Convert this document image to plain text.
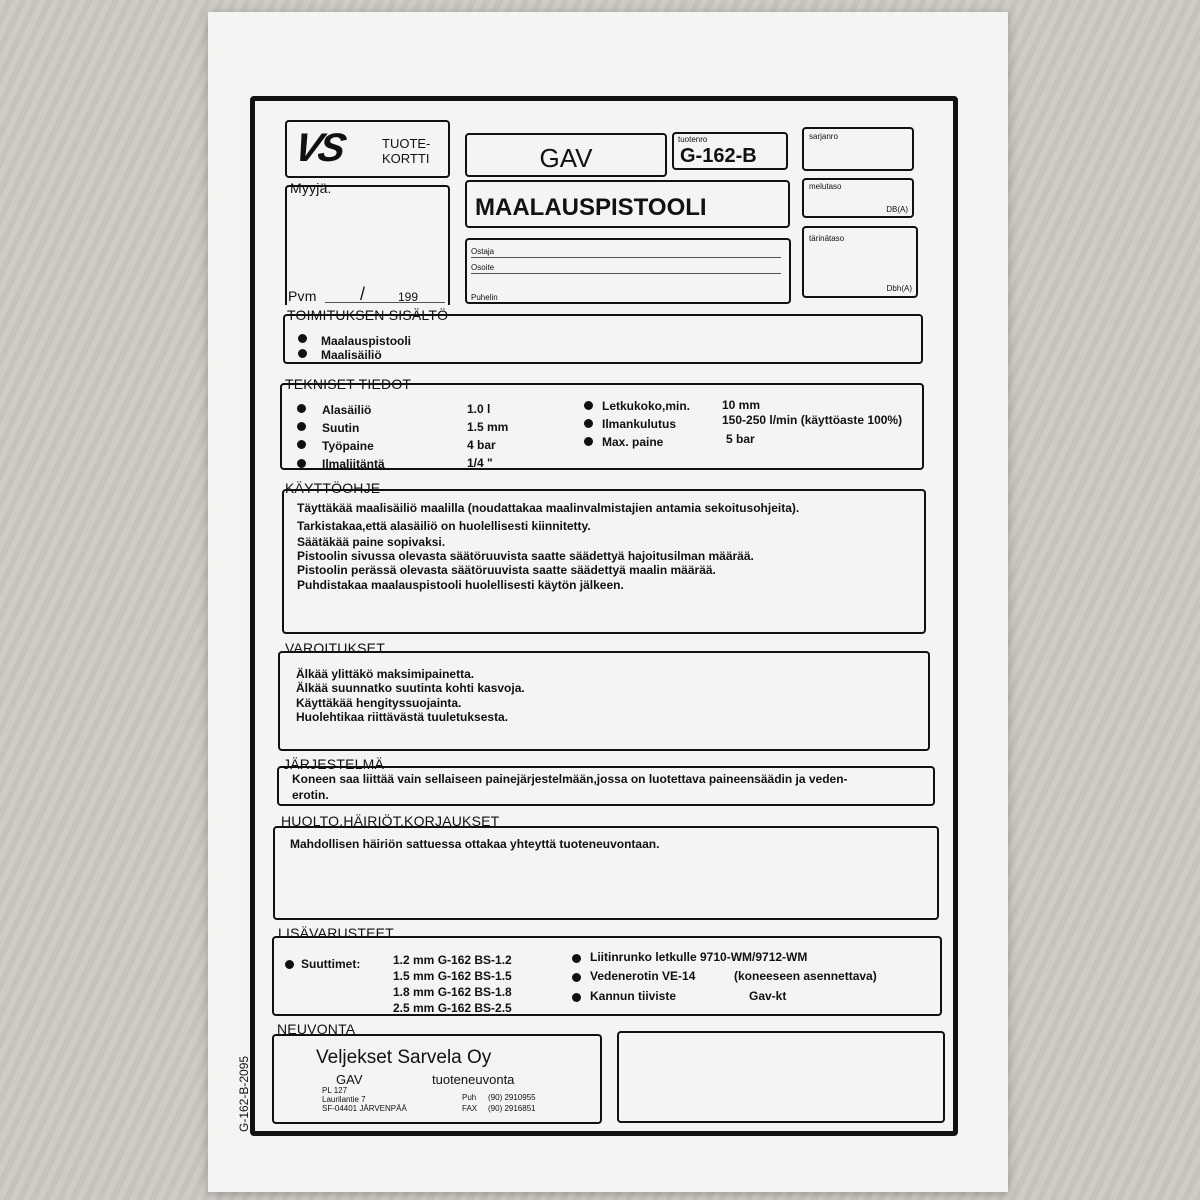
VS	TUOTE-
KORTTI	GAV
tuotenro
G-162-B
sarjanro
Myyjä:
Pvm /	199
MAALAUSPISTOOLI
Ostaja
Osoite
Puhelin
melutaso
DB(A)
tärinätaso
Dbh(A)
TOIMITUKSEN SISÄLTÖ
Maalauspistooli
Maalisäiliö
TEKNISET TIEDOT
Alasäiliö	1.0 l
Suutin	1.5 mm
Työpaine	4 bar
Ilmaliitäntä	1/4 "
Letkukoko,min.	10 mm
Ilmankulutus	150-250 l/min (käyttöaste 100%)
Max. paine	5 bar
KÄYTTÖOHJE
Täyttäkää maalisäiliö maalilla (noudattakaa maalinvalmistajien antamia sekoitusohjeita).
Tarkistakaa,että alasäiliö on huolellisesti kiinnitetty.
Säätäkää paine sopivaksi.
Pistoolin sivussa olevasta säätöruuvista saatte säädettyä hajoitusilman määrää.
Pistoolin perässä olevasta säätöruuvista saatte säädettyä maalin määrää.
Puhdistakaa maalauspistooli huolellisesti käytön jälkeen.
VAROITUKSET
Älkää ylittäkö maksimipainetta.
Älkää suunnatko suutinta kohti kasvoja.
Käyttäkää hengityssuojainta.
Huolehtikaa riittävästä tuuletuksesta.
JÄRJESTELMÄ
Koneen saa liittää vain sellaiseen painejärjestelmään,jossa on luotettava paineensäädin ja veden-
erotin.
HUOLTO,HÄIRIÖT,KORJAUKSET
Mahdollisen häiriön sattuessa ottakaa yhteyttä tuoteneuvontaan.
LISÄVARUSTEET
Suuttimet:	1.2 mm G-162 BS-1.2
1.5 mm G-162 BS-1.5
1.8 mm G-162 BS-1.8
2.5 mm G-162 BS-2.5
Liitinrunko letkulle 9710-WM/9712-WM
Vedenerotin VE-14	(koneeseen asennettava)
Kannun tiiviste	Gav-kt
NEUVONTA
Veljekset Sarvela Oy
GAV	tuoteneuvonta
PL 127
Laurilantie 7
SF-04401 JÄRVENPÄÄ
Puh (90) 2910955
FAX (90) 2916851
G-162-B-2095
